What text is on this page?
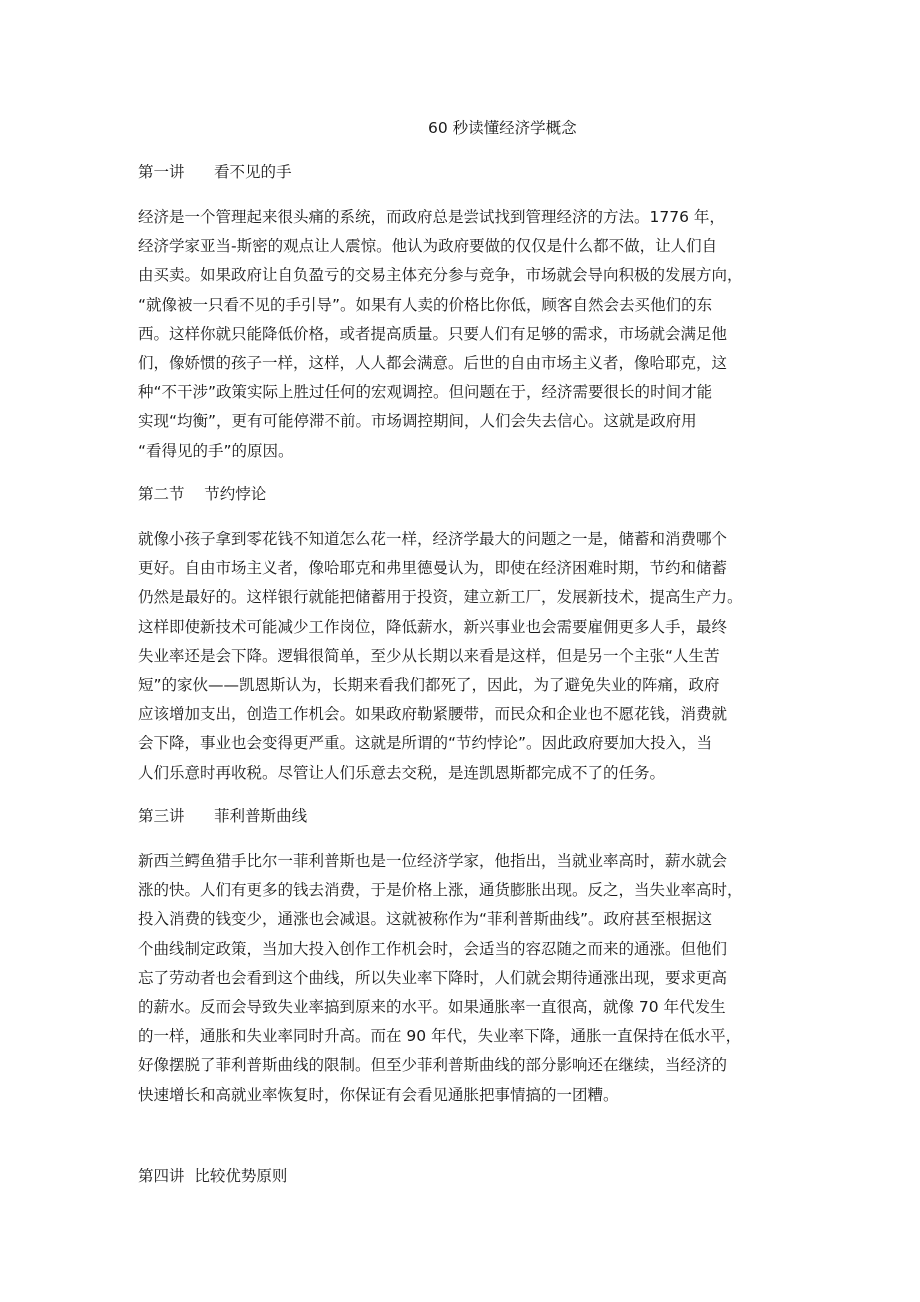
60 秒读懂经济学概念
第一讲      看不见的手
经济是一个管理起来很头痛的系统，而政府总是尝试找到管理经济的方法。1776 年，
经济学家亚当-斯密的观点让人震惊。他认为政府要做的仅仅是什么都不做，让人们自
由买卖。如果政府让自负盈亏的交易主体充分参与竞争，市场就会导向积极的发展方向，
“就像被一只看不见的手引导”。如果有人卖的价格比你低，顾客自然会去买他们的东
西。这样你就只能降低价格，或者提高质量。只要人们有足够的需求，市场就会满足他
们，像娇惯的孩子一样，这样，人人都会满意。后世的自由市场主义者，像哈耶克，这
种“不干涉”政策实际上胜过任何的宏观调控。但问题在于，经济需要很长的时间才能
实现“均衡”，更有可能停滞不前。市场调控期间，人们会失去信心。这就是政府用
“看得见的手”的原因。
第二节    节约悖论
就像小孩子拿到零花钱不知道怎么花一样，经济学最大的问题之一是，储蓄和消费哪个
更好。自由市场主义者，像哈耶克和弗里德曼认为，即使在经济困难时期，节约和储蓄
仍然是最好的。这样银行就能把储蓄用于投资，建立新工厂，发展新技术，提高生产力。
这样即使新技术可能减少工作岗位，降低薪水，新兴事业也会需要雇佣更多人手，最终
失业率还是会下降。逻辑很简单，至少从长期以来看是这样，但是另一个主张“人生苦
短”的家伙——凯恩斯认为，长期来看我们都死了，因此，为了避免失业的阵痛，政府
应该增加支出，创造工作机会。如果政府勒紧腰带，而民众和企业也不愿花钱，消费就
会下降，事业也会变得更严重。这就是所谓的“节约悖论”。因此政府要加大投入，当
人们乐意时再收税。尽管让人们乐意去交税，是连凯恩斯都完成不了的任务。
第三讲      菲利普斯曲线
新西兰鳄鱼猎手比尔一菲利普斯也是一位经济学家，他指出，当就业率高时，薪水就会
涨的快。人们有更多的钱去消费，于是价格上涨，通货膨胀出现。反之，当失业率高时，
投入消费的钱变少，通涨也会减退。这就被称作为“菲利普斯曲线”。政府甚至根据这
个曲线制定政策，当加大投入创作工作机会时，会适当的容忍随之而来的通涨。但他们
忘了劳动者也会看到这个曲线，所以失业率下降时，人们就会期待通涨出现，要求更高
的薪水。反而会导致失业率搞到原来的水平。如果通胀率一直很高，就像 70 年代发生
的一样，通胀和失业率同时升高。而在 90 年代，失业率下降，通胀一直保持在低水平，
好像摆脱了菲利普斯曲线的限制。但至少菲利普斯曲线的部分影响还在继续，当经济的
快速增长和高就业率恢复时，你保证有会看见通胀把事情搞的一团糟。
第四讲  比较优势原则
